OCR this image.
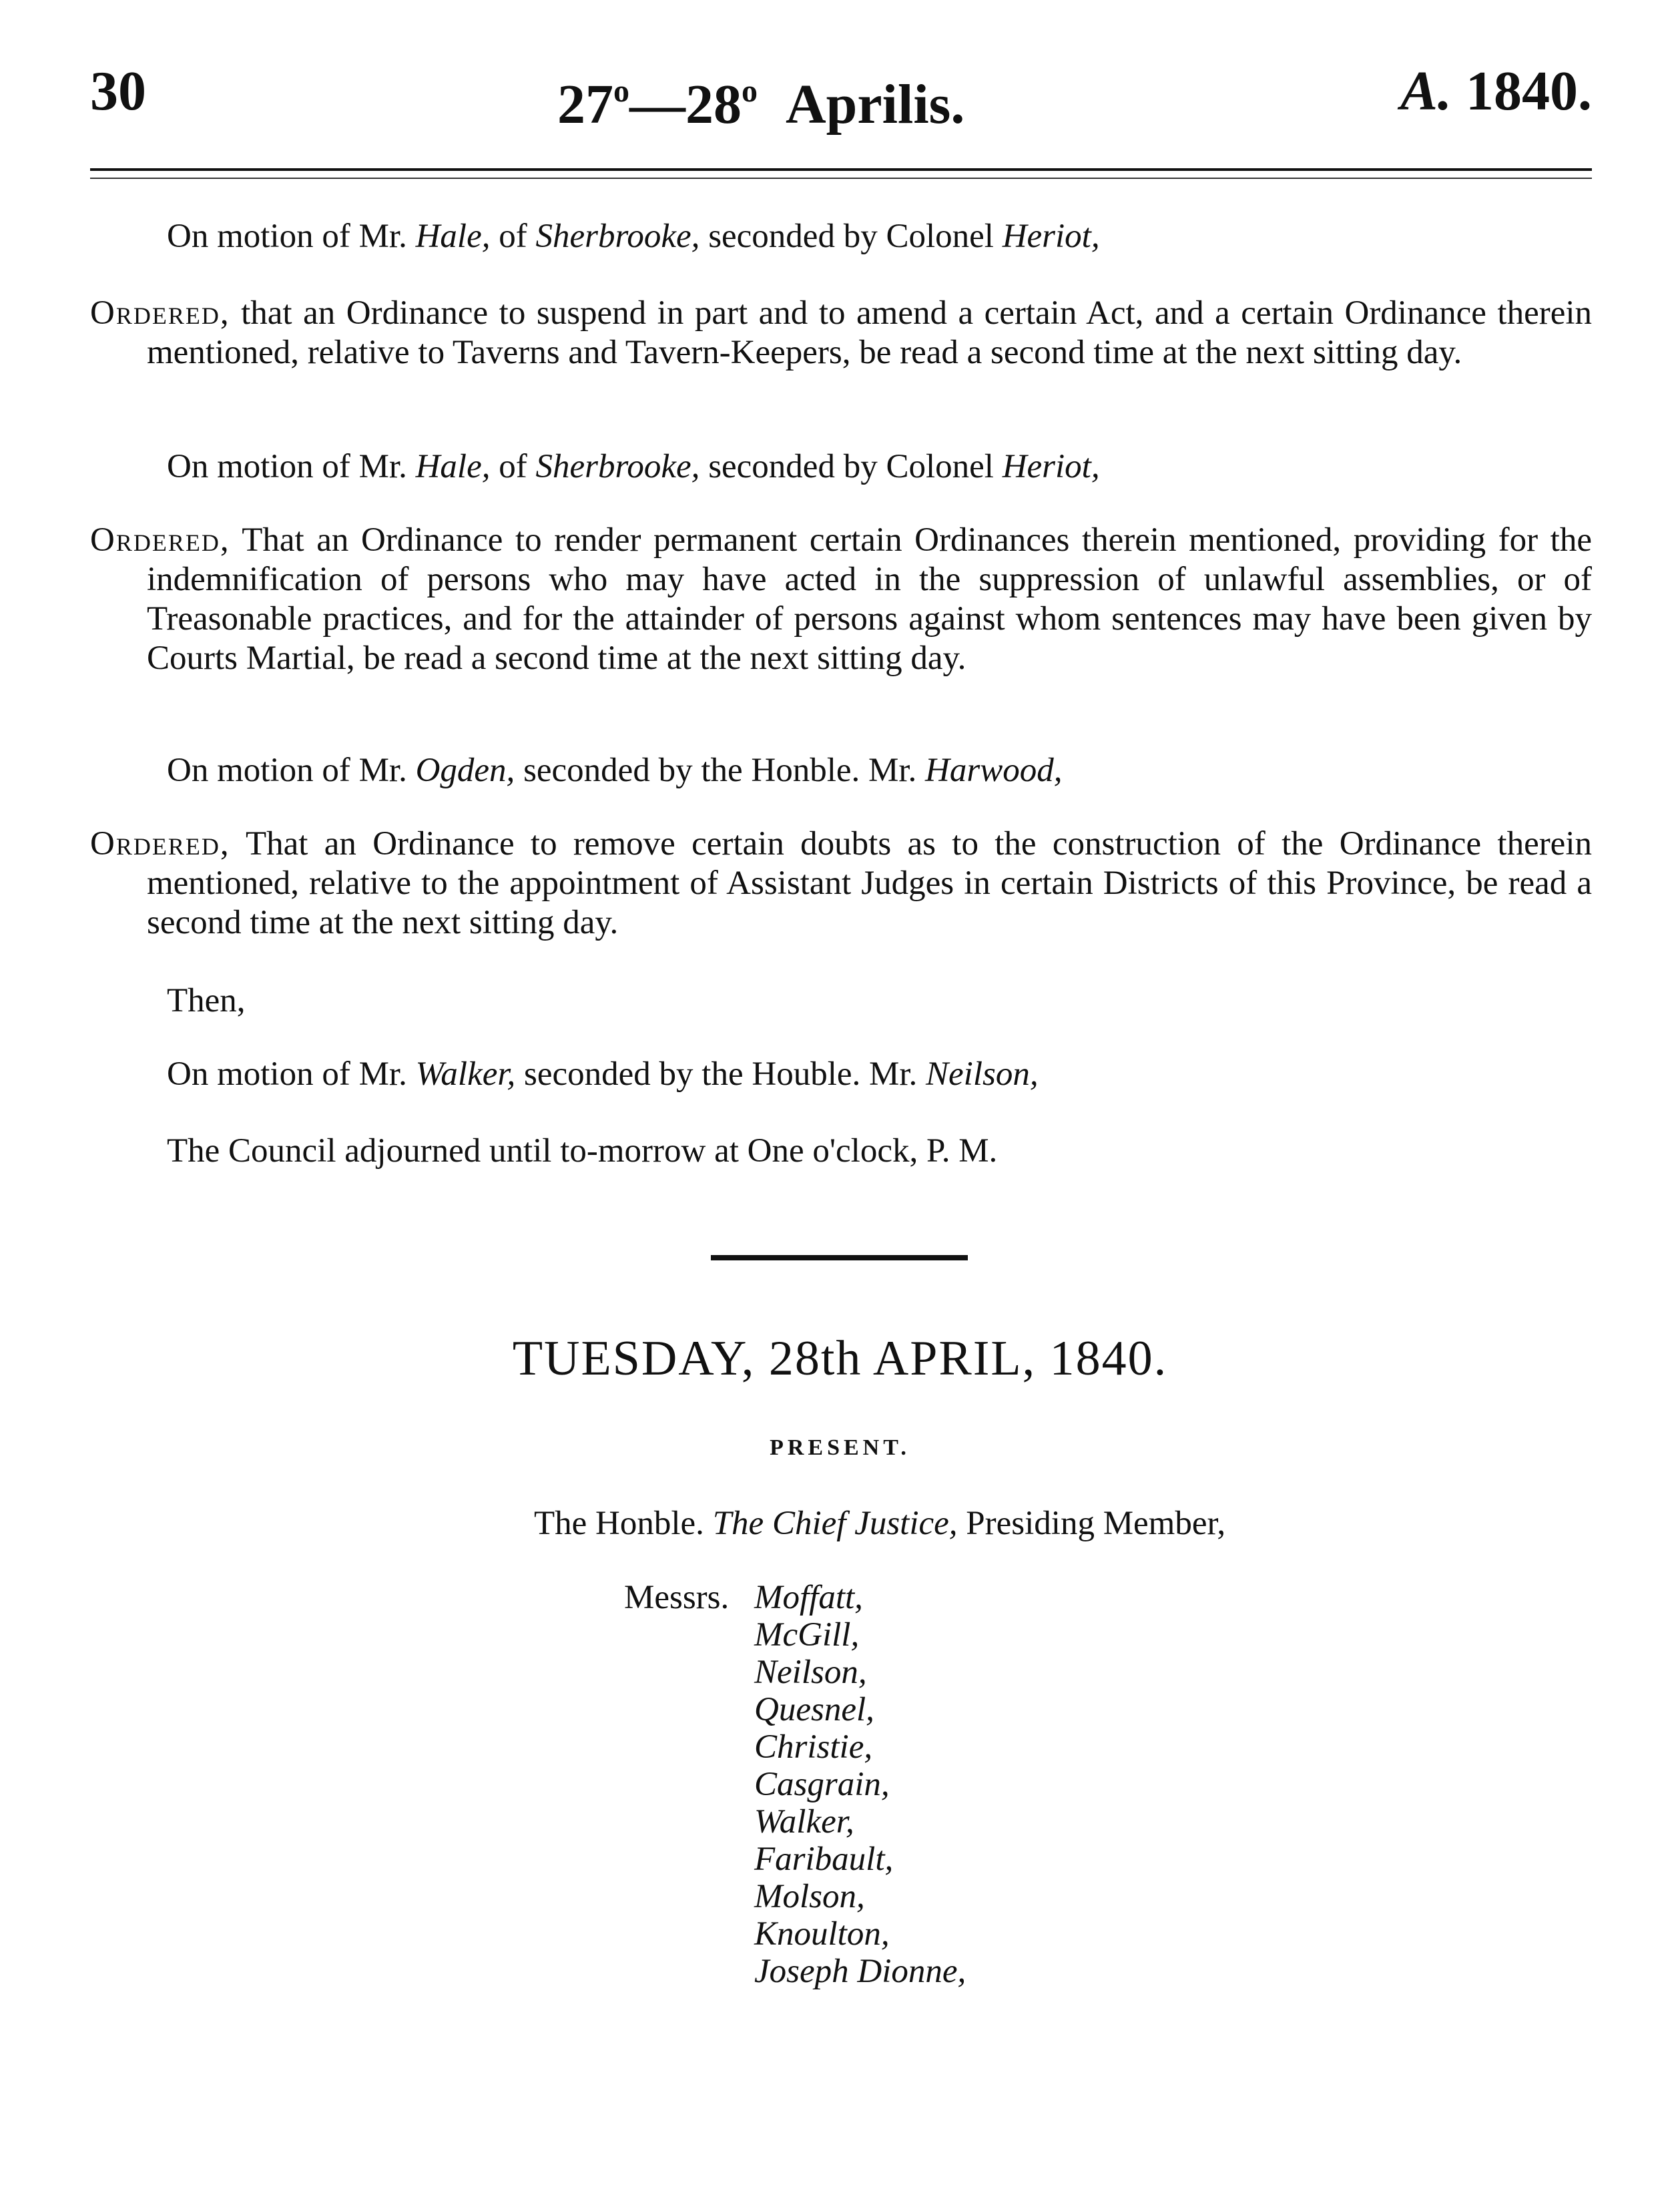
30	27$^o$—28$^o$ Aprilis.	A. 1840.
On motion of Mr. Hale, of Sherbrooke, seconded by Colonel Heriot,
Ordered, that an Ordinance to suspend in part and to amend a certain Act, and a certain Ordinance therein mentioned, relative to Taverns and Tavern-Keepers, be read a second time at the next sitting day.
On motion of Mr. Hale, of Sherbrooke, seconded by Colonel Heriot,
Ordered, That an Ordinance to render permanent certain Ordinances therein mentioned, providing for the indemnification of persons who may have acted in the suppression of unlawful assemblies, or of Treasonable practices, and for the attainder of persons against whom sentences may have been given by Courts Martial, be read a second time at the next sitting day.
On motion of Mr. Ogden, seconded by the Honble. Mr. Harwood,
Ordered, That an Ordinance to remove certain doubts as to the construction of the Ordinance therein mentioned, relative to the appointment of Assistant Judges in certain Districts of this Province, be read a second time at the next sitting day.
Then,
On motion of Mr. Walker, seconded by the Houble. Mr. Neilson,
The Council adjourned until to-morrow at One o'clock, P. M.
TUESDAY, 28th APRIL, 1840.
PRESENT.
The Honble. The Chief Justice, Presiding Member,
Messrs. Moffatt,
McGill,
Neilson,
Quesnel,
Christie,
Casgrain,
Walker,
Faribault,
Molson,
Knoulton,
Joseph Dionne,
